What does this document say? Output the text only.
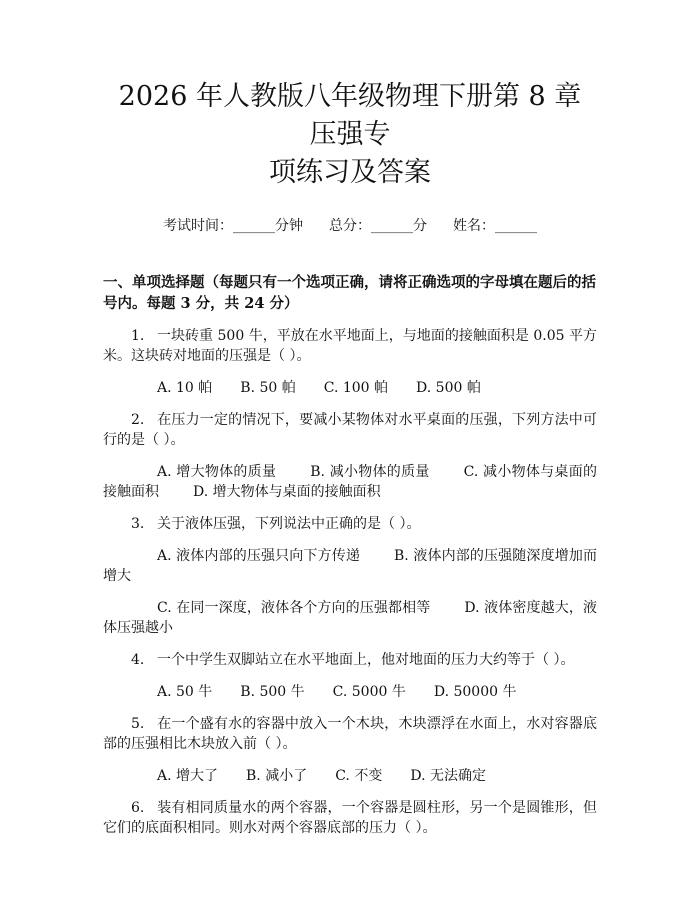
2026 年人教版八年级物理下册第 8 章压强专
项练习及答案
考试时间：______分钟 总分：______分 姓名：______
一、单项选择题（每题只有一个选项正确，请将正确选项的字母填在题后的括号内。每题 3 分，共 24 分）
1. 一块砖重 500 牛，平放在水平地面上，与地面的接触面积是 0.05 平方米。这块砖对地面的压强是（ ）。
A. 10 帕 B. 50 帕 C. 100 帕 D. 500 帕
2. 在压力一定的情况下，要减小某物体对水平桌面的压强，下列方法中可行的是（ ）。
A. 增大物体的质量 B. 减小物体的质量 C. 减小物体与桌面的接触面积 D. 增大物体与桌面的接触面积
3. 关于液体压强，下列说法中正确的是（ ）。
A. 液体内部的压强只向下方传递 B. 液体内部的压强随深度增加而增大
C. 在同一深度，液体各个方向的压强都相等 D. 液体密度越大，液体压强越小
4. 一个中学生双脚站立在水平地面上，他对地面的压力大约等于（ ）。
A. 50 牛 B. 500 牛 C. 5000 牛 D. 50000 牛
5. 在一个盛有水的容器中放入一个木块，木块漂浮在水面上，水对容器底部的压强相比木块放入前（ ）。
A. 增大了 B. 减小了 C. 不变 D. 无法确定
6. 装有相同质量水的两个容器，一个容器是圆柱形，另一个是圆锥形，但它们的底面积相同。则水对两个容器底部的压力（ ）。
